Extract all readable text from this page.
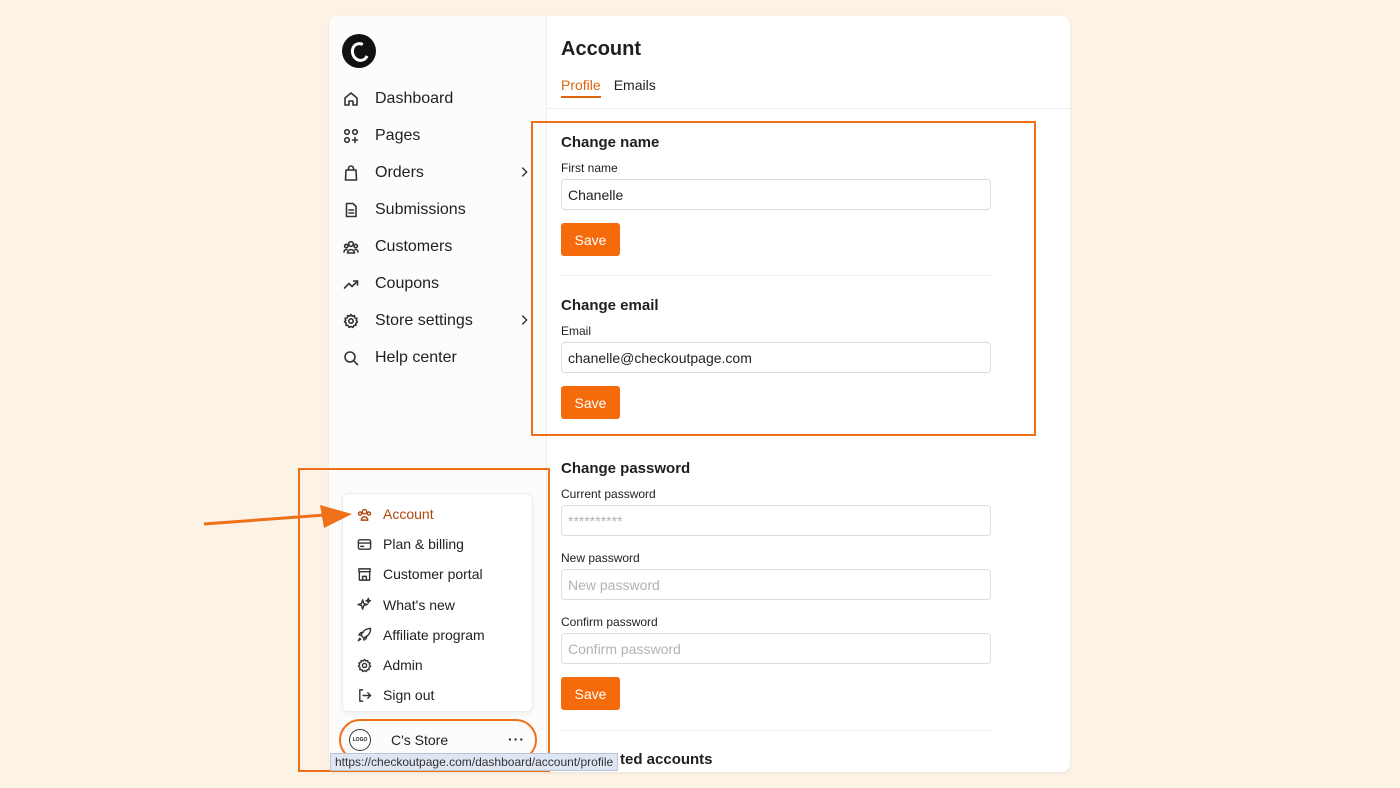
Dashboard
Pages
Orders
Submissions
Customers
Coupons
Store settings
Help center
Account
Plan & billing
Customer portal
What's new
Affiliate program
Admin
Sign out
LOGO C's Store	···
Account
Profile Emails
Change name
First name
Chanelle
Save
Change email
Email
chanelle@checkoutpage.com
Save
Change password
Current password
**********
New password
New password
Confirm password
Confirm password
Save
ted accounts
https://checkoutpage.com/dashboard/account/profile
